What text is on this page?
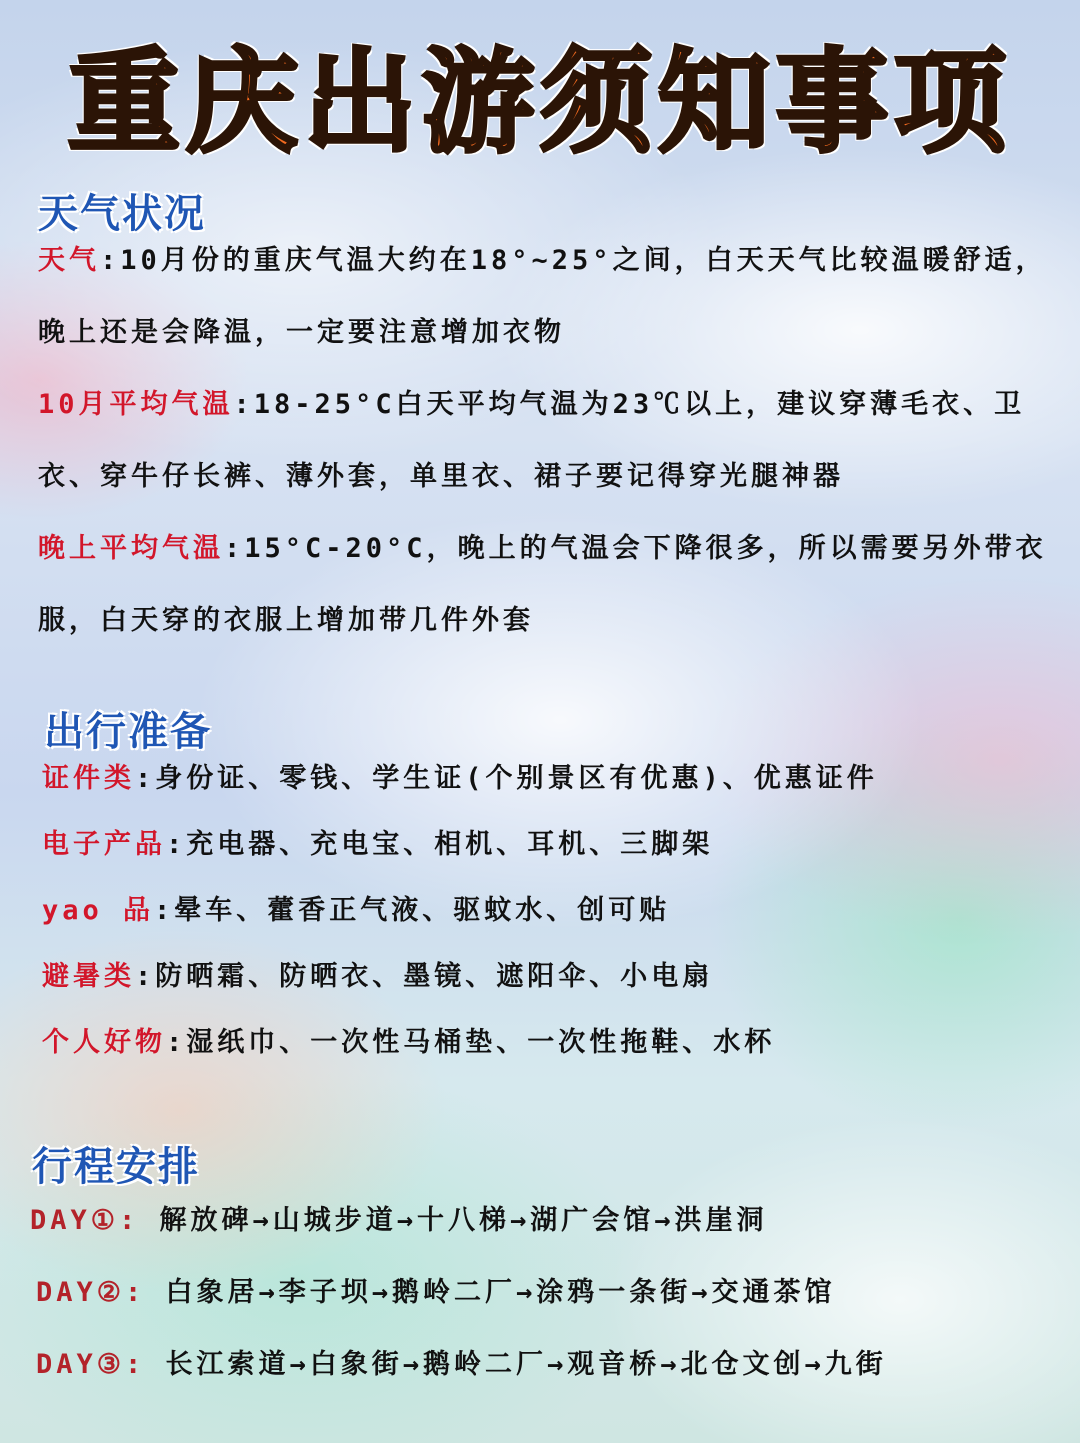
重庆出游须知事项
天气状况
天气:10月份的重庆气温大约在18°~25°之间，白天天气比较温暖舒适，晚上还是会降温，一定要注意增加衣物
10月平均气温:18-25°C白天平均气温为23℃以上，建议穿薄毛衣、卫衣、穿牛仔长裤、薄外套，单里衣、裙子要记得穿光腿神器
晚上平均气温:15°C-20°C，晚上的气温会下降很多，所以需要另外带衣服，白天穿的衣服上增加带几件外套
出行准备
证件类:身份证、零钱、学生证(个别景区有优惠)、优惠证件
电子产品:充电器、充电宝、相机、耳机、三脚架
yao 品:晕车、藿香正气液、驱蚊水、创可贴
避暑类:防晒霜、防晒衣、墨镜、遮阳伞、小电扇
个人好物:湿纸巾、一次性马桶垫、一次性拖鞋、水杯
行程安排
DAY①: 解放碑→山城步道→十八梯→湖广会馆→洪崖洞
DAY②: 白象居→李子坝→鹅岭二厂→涂鸦一条街→交通茶馆
DAY③: 长江索道→白象街→鹅岭二厂→观音桥→北仓文创→九街
